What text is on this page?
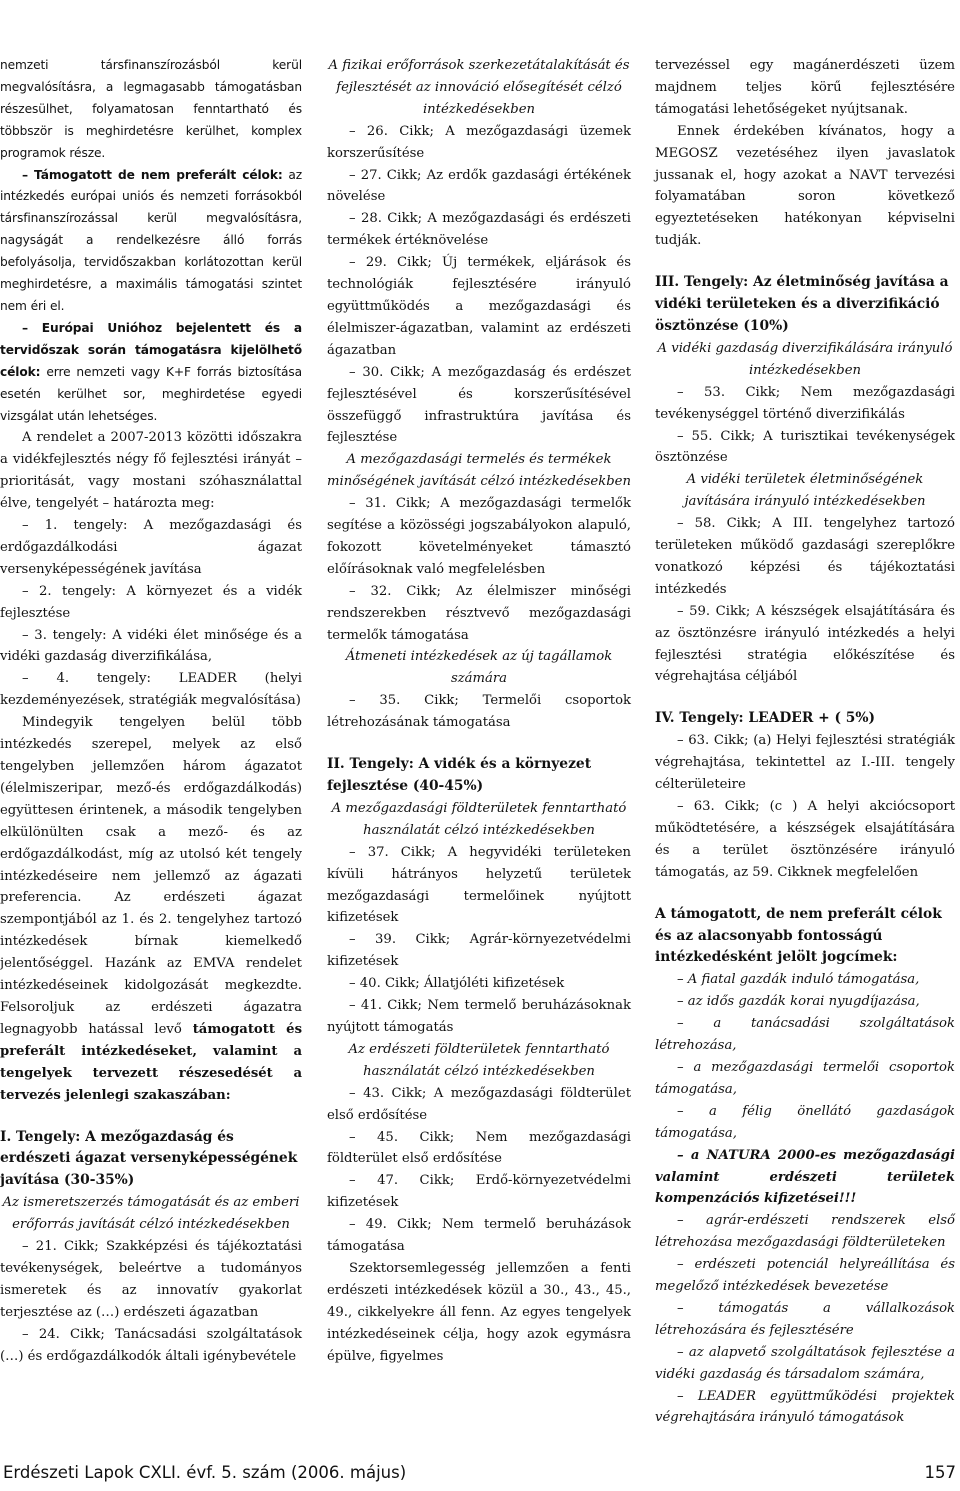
nemzeti társfinanszírozásból kerül megvalósításra, a legmagasabb támogatásban részesülhet, folyamatosan fenntartható és többször is meghirdetésre kerülhet, komplex programok része.

– Támogatott de nem preferált célok: az intézkedés európai uniós és nemzeti forrásokból társfinanszírozással kerül megvalósításra, nagyságát a rendelkezésre álló forrás befolyásolja, tervidőszakban korlátozottan kerül meghirdetésre, a maximális támogatási szintet nem éri el.

– Európai Unióhoz bejelentett és a tervidőszak során támogatásra kijelölhető célok: erre nemzeti vagy K+F forrás biztosítása esetén kerülhet sor, meghirdetése egyedi vizsgálat után lehetséges.

A rendelet a 2007-2013 közötti időszakra a vidékfejlesztés négy fő fejlesztési irányát – prioritását, vagy mostani szóhasználattal élve, tengelyét – határozta meg:

– 1. tengely: A mezőgazdasági és erdőgazdálkodási ágazat versenyképességének javítása

– 2. tengely: A környezet és a vidék fejlesztése

– 3. tengely: A vidéki élet minősége és a vidéki gazdaság diverzifikálása,

– 4. tengely: LEADER (helyi kezdeményezések, stratégiák megvalósítása)

Mindegyik tengelyen belül több intézkedés szerepel, melyek az első tengelyben jellemzően három ágazatot (élelmiszeripar, mező-és erdőgazdálkodás) együttesen érintenek, a második tengelyben elkülönülten csak a mező- és az erdőgazdálkodást, míg az utolsó két tengely intézkedéseire nem jellemző az ágazati preferencia. Az erdészeti ágazat szempontjából az 1. és 2. tengelyhez tartozó intézkedések bírnak kiemelkedő jelentőséggel. Hazánk az EMVA rendelet intézkedéseinek kidolgozását megkezdte. Felsoroljuk az erdészeti ágazatra legnagyobb hatással levő támogatott és preferált intézkedéseket, valamint a tengelyek tervezett részesedését a tervezés jelenlegi szakaszában:

I. Tengely: A mezőgazdaság és erdészeti ágazat versenyképességének javítása (30-35%)

Az ismeretszerzés támogatását és az emberi erőforrás javítását célzó intézkedésekben

– 21. Cikk; Szakképzési és tájékoztatási tevékenységek, beleértve a tudományos ismeretek és az innovatív gyakorlat terjesztése az (…) erdészeti ágazatban

– 24. Cikk; Tanácsadási szolgáltatások (…) és erdőgazdálkodók általi igénybevétele

A fizikai erőforrások szerkezetátalakítását és fejlesztését az innováció elősegítését célzó intézkedésekben

– 26. Cikk; A mezőgazdasági üzemek korszerűsítése

– 27. Cikk; Az erdők gazdasági értékének növelése

– 28. Cikk; A mezőgazdasági és erdészeti termékek értéknövelése

– 29. Cikk; Új termékek, eljárások és technológiák fejlesztésére irányuló együttműködés a mezőgazdasági és élelmiszer-ágazatban, valamint az erdészeti ágazatban

– 30. Cikk; A mezőgazdaság és erdészet fejlesztésével és korszerűsítésével összefüggő infrastruktúra javítása és fejlesztése

A mezőgazdasági termelés és termékek minőségének javítását célzó intézkedésekben

– 31. Cikk; A mezőgazdasági termelők segítése a közösségi jogszabályokon alapuló, fokozott követelményeket támasztó előírásoknak való megfelelésben

– 32. Cikk; Az élelmiszer minőségi rendszerekben résztvevő mezőgazdasági termelők támogatása

Átmeneti intézkedések az új tagállamok számára

– 35. Cikk; Termelői csoportok létrehozásának támogatása

II. Tengely: A vidék és a környezet fejlesztése (40-45%)

A mezőgazdasági földterületek fenntartható használatát célzó intézkedésekben

– 37. Cikk; A hegyvidéki területeken kívüli hátrányos helyzetű területek mezőgazdasági termelőinek nyújtott kifizetések

– 39. Cikk; Agrár-környezetvédelmi kifizetések

– 40. Cikk; Állatjóléti kifizetések

– 41. Cikk; Nem termelő beruházásoknak nyújtott támogatás

Az erdészeti földterületek fenntartható használatát célzó intézkedésekben

– 43. Cikk; A mezőgazdasági földterület első erdősítése

– 45. Cikk; Nem mezőgazdasági földterület első erdősítése

– 47. Cikk; Erdő-környezetvédelmi kifizetések

– 49. Cikk; Nem termelő beruházások támogatása

Szektorsemlegesség jellemzően a fenti erdészeti intézkedések közül a 30., 43., 45., 49., cikkelyekre áll fenn. Az egyes tengelyek intézkedéseinek célja, hogy azok egymásra épülve, figyelmes

tervezéssel egy magánerdészeti üzem majdnem teljes körű fejlesztésére támogatási lehetőségeket nyújtsanak.

Ennek érdekében kívánatos, hogy a MEGOSZ vezetéséhez ilyen javaslatok jussanak el, hogy azokat a NAVT tervezési folyamatában soron következő egyeztetéseken hatékonyan képviselni tudják.

III. Tengely: Az életminőség javítása a vidéki területeken és a diverzifikáció ösztönzése (10%)

A vidéki gazdaság diverzifikálására irányuló intézkedésekben

– 53. Cikk; Nem mezőgazdasági tevékenységgel történő diverzifikálás

– 55. Cikk; A turisztikai tevékenységek ösztönzése

A vidéki területek életminőségének javítására irányuló intézkedésekben

– 58. Cikk; A III. tengelyhez tartozó területeken működő gazdasági szereplőkre vonatkozó képzési és tájékoztatási intézkedés

– 59. Cikk; A készségek elsajátítására és az ösztönzésre irányuló intézkedés a helyi fejlesztési stratégia előkészítése és végrehajtása céljából

IV. Tengely: LEADER + ( 5%)

– 63. Cikk; (a) Helyi fejlesztési stratégiák végrehajtása, tekintettel az I.-III. tengely célterületeire

– 63. Cikk; (c ) A helyi akciócsoport működtetésére, a készségek elsajátítására és a terület ösztönzésére irányuló támogatás, az 59. Cikknek megfelelően

A támogatott, de nem preferált célok és az alacsonyabb fontosságú intézkedésként jelölt jogcímek:

– A fiatal gazdák induló támogatása,

– az idős gazdák korai nyugdíjazása,

– a tanácsadási szolgáltatások létrehozása,

– a mezőgazdasági termelői csoportok támogatása,

– a félig önellátó gazdaságok támogatása,

– a NATURA 2000-es mezőgazdasági valamint erdészeti területek kompenzációs kifizetései!!!

– agrár-erdészeti rendszerek első létrehozása mezőgazdasági földterületeken

– erdészeti potenciál helyreállítása és megelőző intézkedések bevezetése

– támogatás a vállalkozások létrehozására és fejlesztésére

– az alapvető szolgáltatások fejlesztése a vidéki gazdaság és társadalom számára,

– LEADER együttműködési projektek végrehajtására irányuló támogatások

Erdészeti Lapok CXLI. évf. 5. szám (2006. május)	157
